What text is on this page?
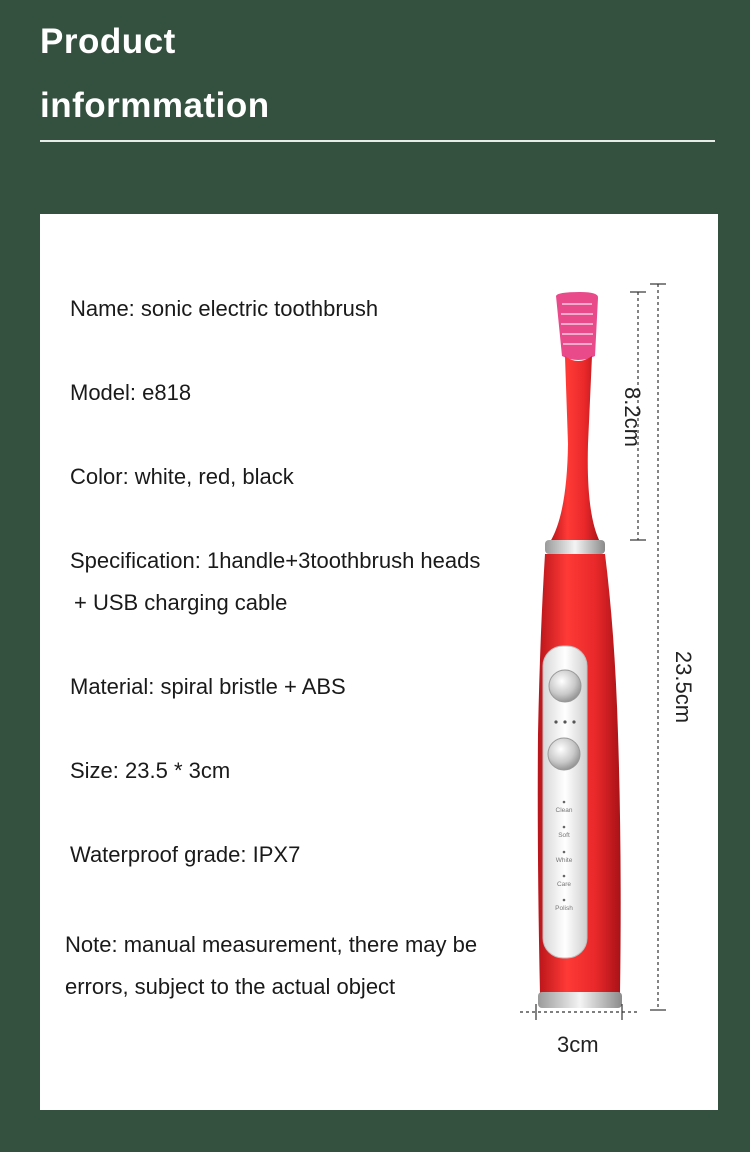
Product
informmation

Name: sonic electric toothbrush

Model: e818

Color: white, red, black

Specification: 1handle+3toothbrush heads
+ USB charging cable

Material: spiral bristle + ABS

Size: 23.5 * 3cm

Waterproof grade: IPX7

Note: manual measurement, there may be
errors, subject to the actual object

Clean
Soft
White
Care
Polish
8.2cm
23.5cm
3cm
